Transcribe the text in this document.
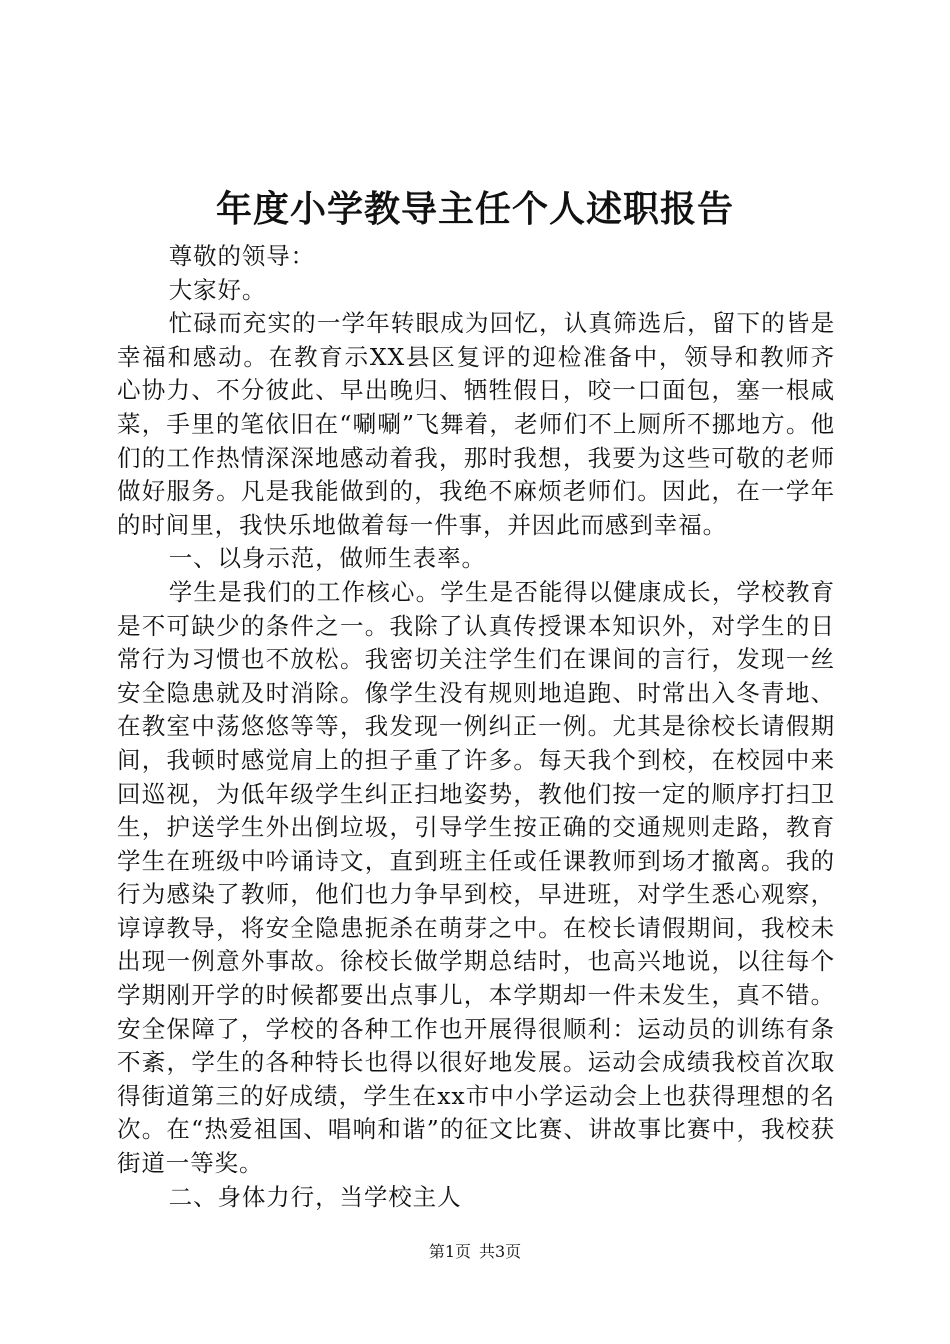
年度小学教导主任个人述职报告

尊敬的领导：

大家好。

忙碌而充实的一学年转眼成为回忆，认真筛选后，留下的皆是幸福和感动。在教育示XX县区复评的迎检准备中，领导和教师齐心协力、不分彼此、早出晚归、牺牲假日，咬一口面包，塞一根咸菜，手里的笔依旧在“唰唰”飞舞着，老师们不上厕所不挪地方。他们的工作热情深深地感动着我，那时我想，我要为这些可敬的老师做好服务。凡是我能做到的，我绝不麻烦老师们。因此，在一学年的时间里，我快乐地做着每一件事，并因此而感到幸福。

一、以身示范，做师生表率。

学生是我们的工作核心。学生是否能得以健康成长，学校教育是不可缺少的条件之一。我除了认真传授课本知识外，对学生的日常行为习惯也不放松。我密切关注学生们在课间的言行，发现一丝安全隐患就及时消除。像学生没有规则地追跑、时常出入冬青地、在教室中荡悠悠等等，我发现一例纠正一例。尤其是徐校长请假期间，我顿时感觉肩上的担子重了许多。每天我个到校，在校园中来回巡视，为低年级学生纠正扫地姿势，教他们按一定的顺序打扫卫生，护送学生外出倒垃圾，引导学生按正确的交通规则走路，教育学生在班级中吟诵诗文，直到班主任或任课教师到场才撤离。我的行为感染了教师，他们也力争早到校，早进班，对学生悉心观察，谆谆教导，将安全隐患扼杀在萌芽之中。在校长请假期间，我校未出现一例意外事故。徐校长做学期总结时，也高兴地说，以往每个学期刚开学的时候都要出点事儿，本学期却一件未发生，真不错。安全保障了，学校的各种工作也开展得很顺利：运动员的训练有条不紊，学生的各种特长也得以很好地发展。运动会成绩我校首次取得街道第三的好成绩，学生在xx市中小学运动会上也获得理想的名次。在“热爱祖国、唱响和谐”的征文比赛、讲故事比赛中，我校获街道一等奖。

二、身体力行，当学校主人

第1页 共3页
